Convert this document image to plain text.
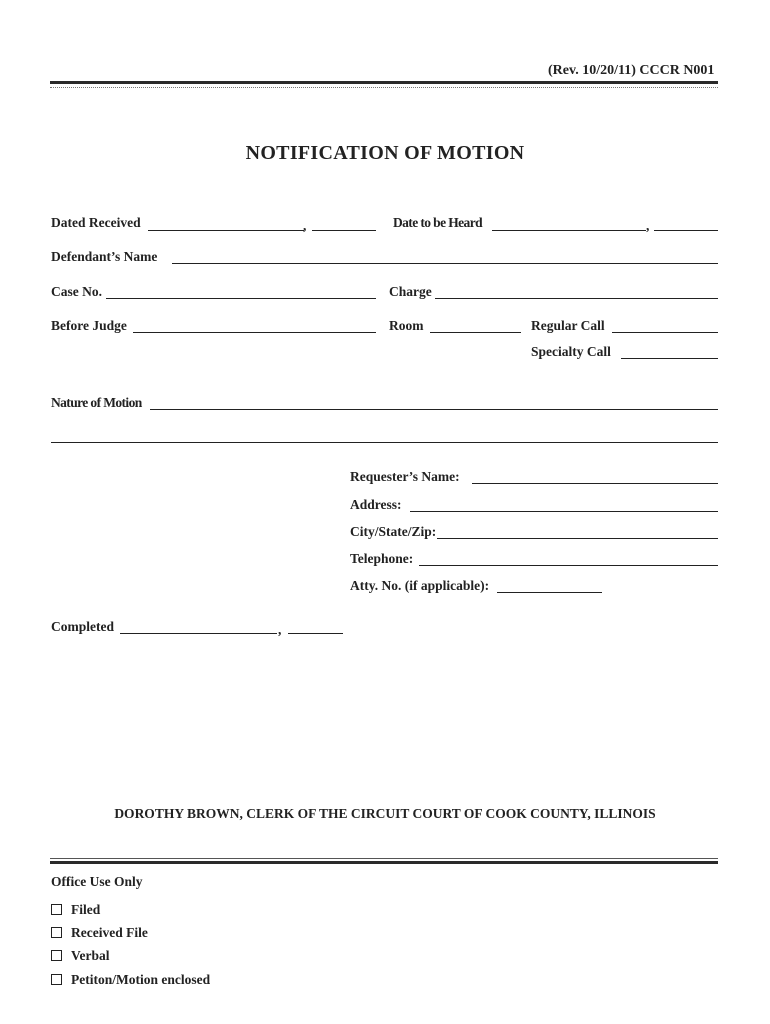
(Rev. 10/20/11) CCCR N001
NOTIFICATION OF MOTION
Dated Received	,	Date to be Heard	,
Defendant’s Name
Case No.	Charge
Before Judge	Room	Regular Call
Specialty Call
Nature of Motion
Requester’s Name:
Address:
City/State/Zip:
Telephone:
Atty. No. (if applicable):
Completed	,
DOROTHY BROWN, CLERK OF THE CIRCUIT COURT OF COOK COUNTY, ILLINOIS
Office Use Only
Filed
Received File
Verbal
Petiton/Motion enclosed
